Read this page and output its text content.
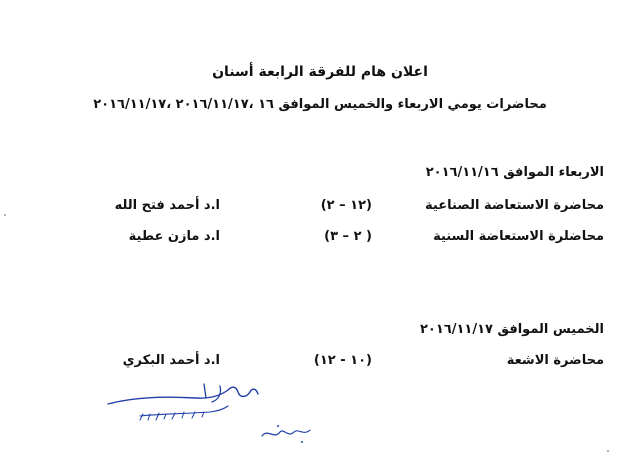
اعلان هام للفرقة الرابعة أسنان
محاضرات يومي الاربعاء والخميس الموافق ١٦ ،٢٠١٦/١١/١٧ ،٢٠١٦/١١/١٧
الاربعاء الموافق ٢٠١٦/١١/١٦
محاضرة الاستعاضة الصناعية
(١٢ – ٢)
ا.د أحمد فتح الله
محاضلرة الاستعاضة السنية
( ٢ – ٣)
ا.د مازن عطية
الخميس الموافق ٢٠١٦/١١/١٧
محاضرة الاشعة
(١٠ - ١٢)
ا.د أحمد البكري
